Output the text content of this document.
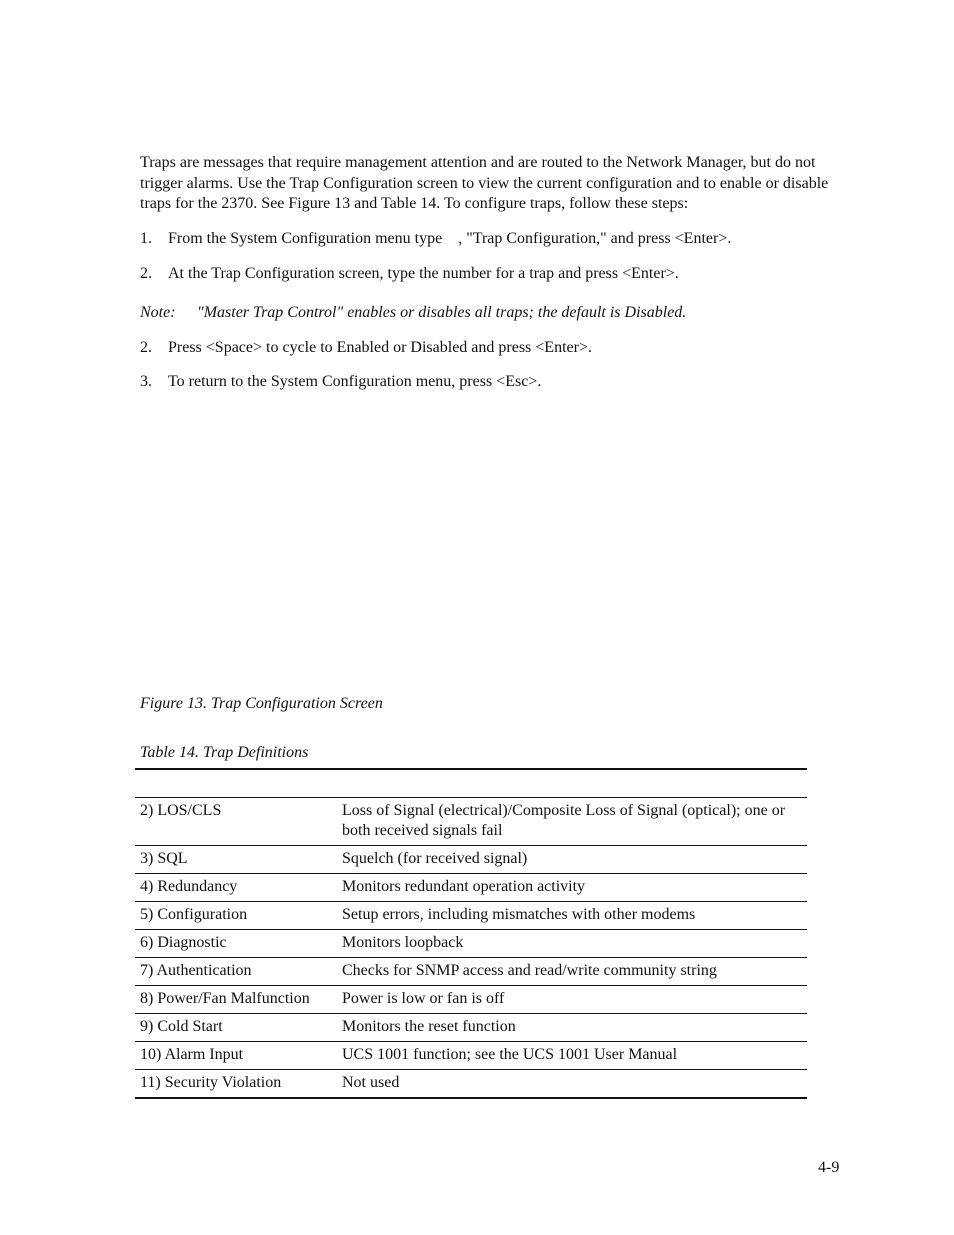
Traps are messages that require management attention and are routed to the Network Manager, but do not trigger alarms. Use the Trap Configuration screen to view the current configuration and to enable or disable traps for the 2370. See Figure 13 and Table 14. To configure traps, follow these steps:

1. From the System Configuration menu type    , "Trap Configuration," and press <Enter>.

2. At the Trap Configuration screen, type the number for a trap and press <Enter>.

Note: "Master Trap Control" enables or disables all traps; the default is Disabled.

2. Press <Space> to cycle to Enabled or Disabled and press <Enter>.

3. To return to the System Configuration menu, press <Esc>.

Figure 13. Trap Configuration Screen

Table 14. Trap Definitions

2) LOS/CLS	Loss of Signal (electrical)/Composite Loss of Signal (optical); one or both received signals fail
3) SQL	Squelch (for received signal)
4) Redundancy	Monitors redundant operation activity
5) Configuration	Setup errors, including mismatches with other modems
6) Diagnostic	Monitors loopback
7) Authentication	Checks for SNMP access and read/write community string
8) Power/Fan Malfunction	Power is low or fan is off
9) Cold Start	Monitors the reset function
10) Alarm Input	UCS 1001 function; see the UCS 1001 User Manual
11) Security Violation	Not used

4-9
